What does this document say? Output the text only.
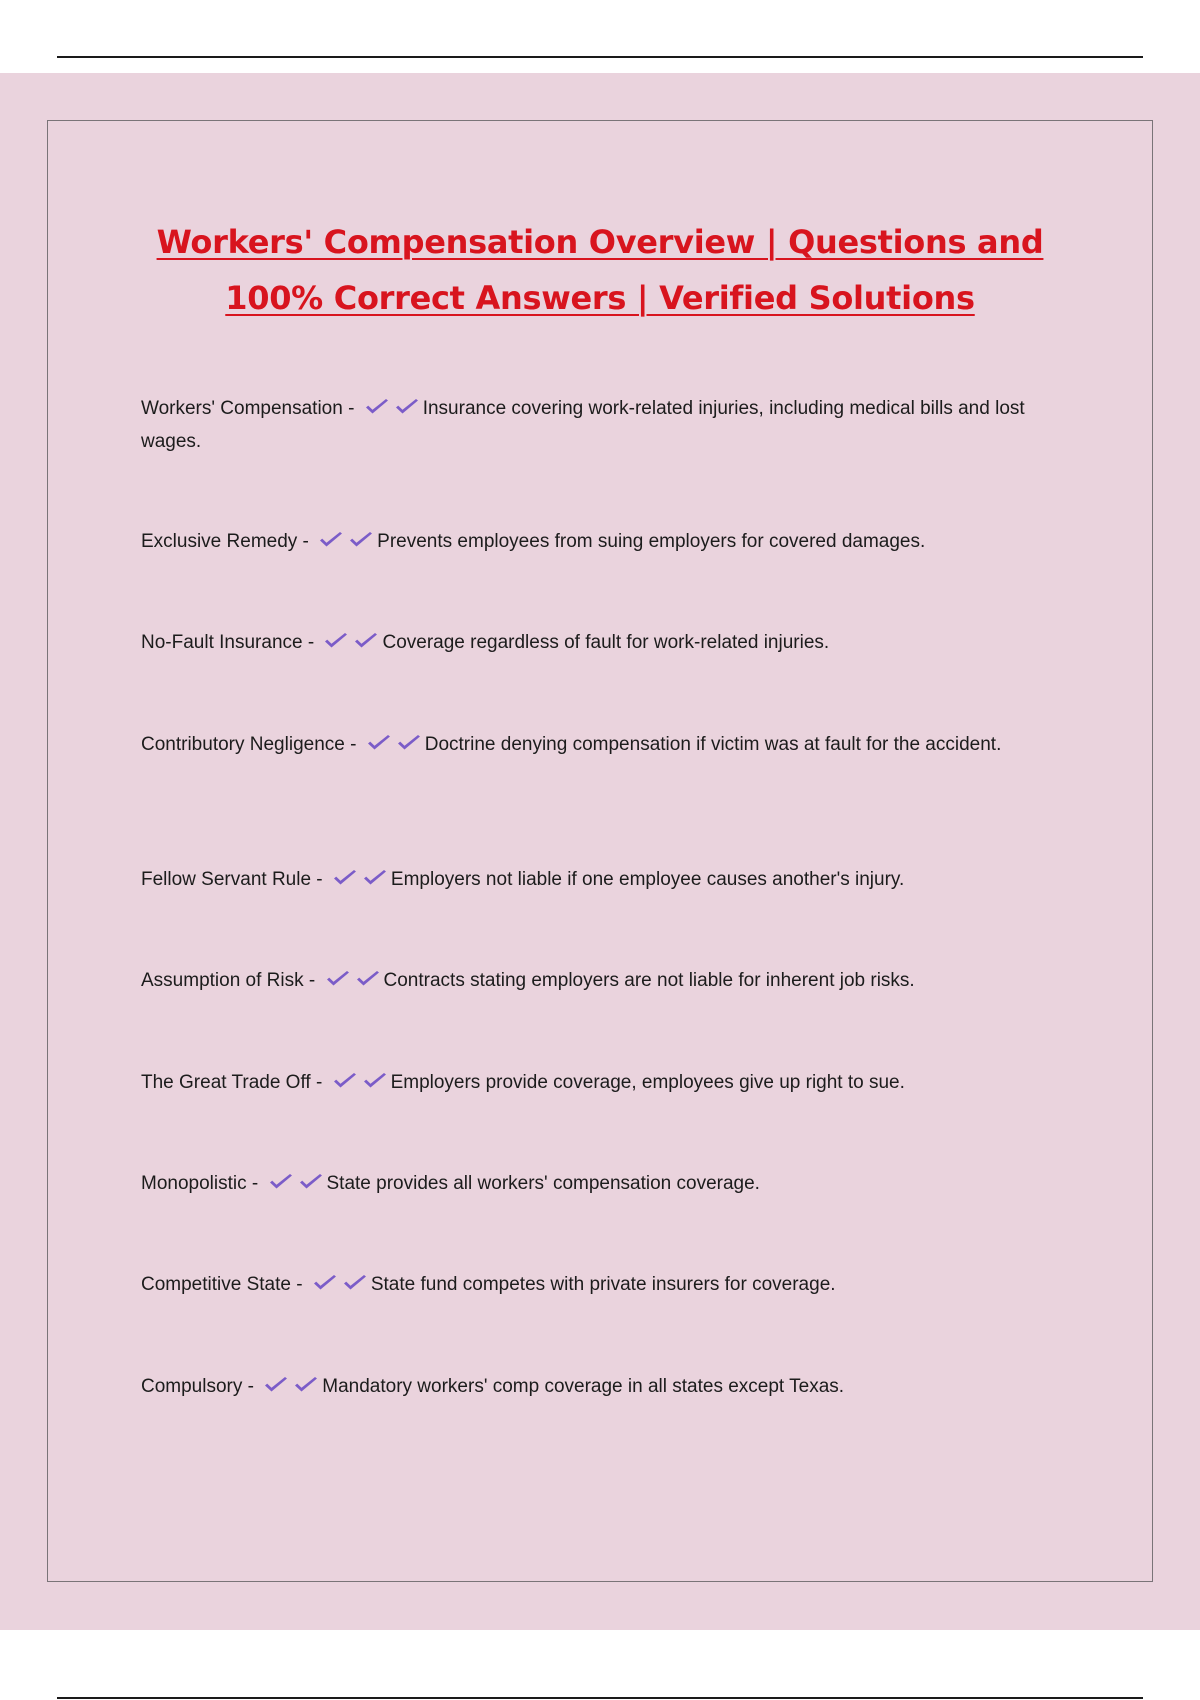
Workers' Compensation Overview | Questions and
100% Correct Answers | Verified Solutions
Workers' Compensation -	Insurance covering work-related injuries, including medical bills and lost wages.
Exclusive Remedy -	Prevents employees from suing employers for covered damages.
No-Fault Insurance -	Coverage regardless of fault for work-related injuries.
Contributory Negligence -	Doctrine denying compensation if victim was at fault for the accident.
Fellow Servant Rule -	Employers not liable if one employee causes another's injury.
Assumption of Risk -	Contracts stating employers are not liable for inherent job risks.
The Great Trade Off -	Employers provide coverage, employees give up right to sue.
Monopolistic -	State provides all workers' compensation coverage.
Competitive State -	State fund competes with private insurers for coverage.
Compulsory -	Mandatory workers' comp coverage in all states except Texas.
